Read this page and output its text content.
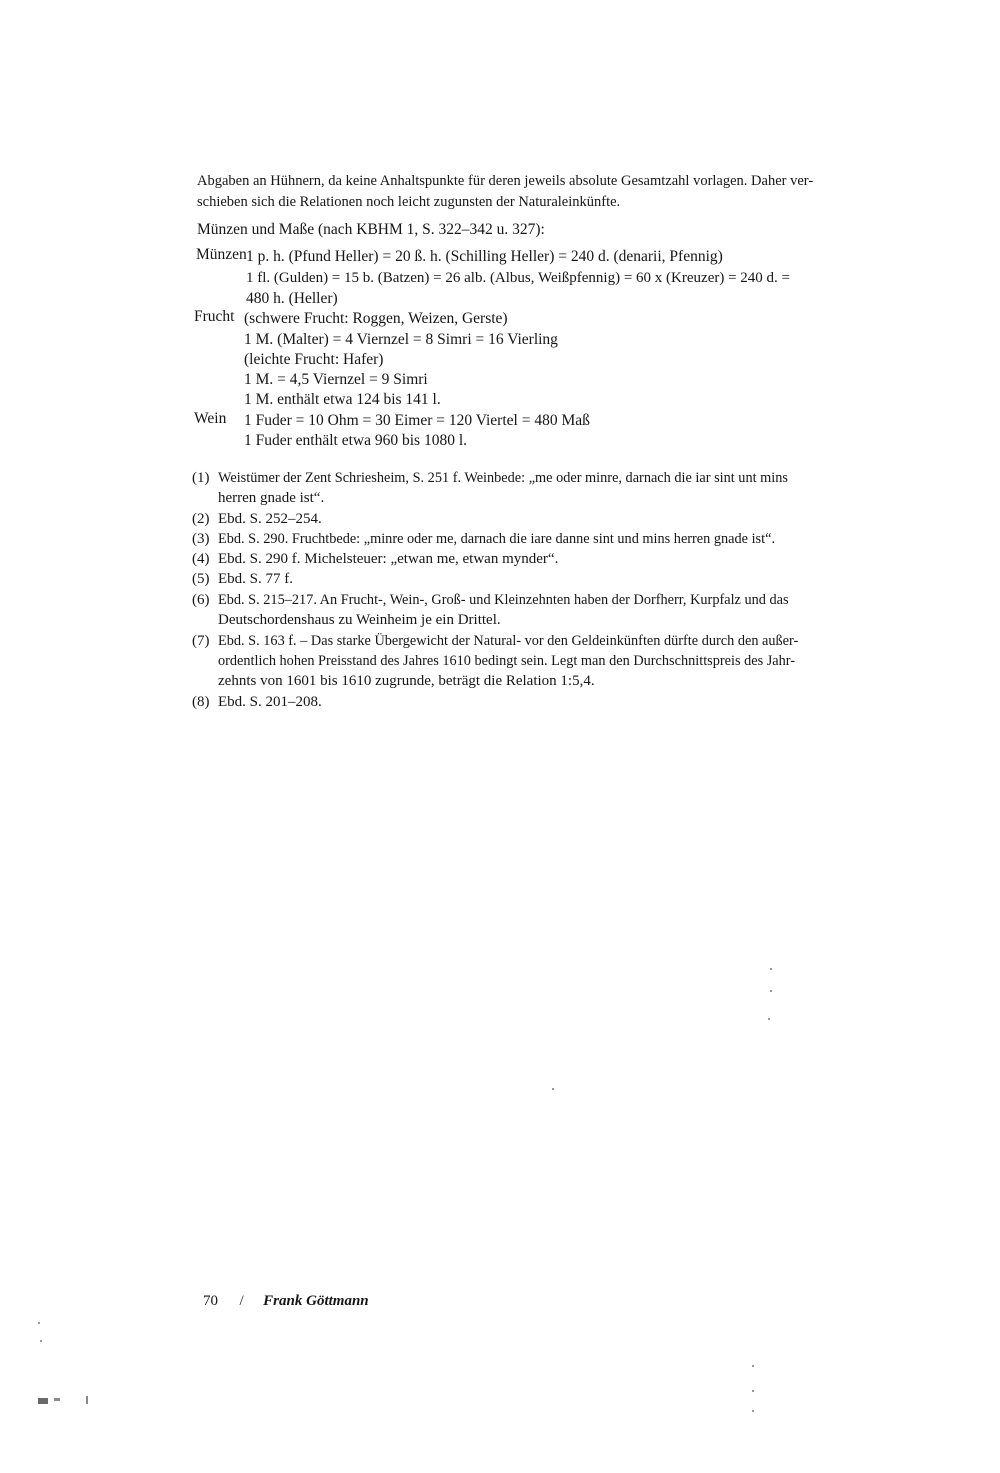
Abgaben an Hühnern, da keine Anhaltspunkte für deren jeweils absolute Gesamtzahl vorlagen. Daher ver-
schieben sich die Relationen noch leicht zugunsten der Naturaleinkünfte.
Münzen und Maße (nach KBHM 1, S. 322–342 u. 327):
Münzen 1 p. h. (Pfund Heller) = 20 ß. h. (Schilling Heller) = 240 d. (denarii, Pfennig)
1 fl. (Gulden) = 15 b. (Batzen) = 26 alb. (Albus, Weißpfennig) = 60 x (Kreuzer) = 240 d. =
480 h. (Heller)
Frucht (schwere Frucht: Roggen, Weizen, Gerste)
1 M. (Malter) = 4 Viernzel = 8 Simri = 16 Vierling
(leichte Frucht: Hafer)
1 M. = 4,5 Viernzel = 9 Simri
1 M. enthält etwa 124 bis 141 l.
Wein 1 Fuder = 10 Ohm = 30 Eimer = 120 Viertel = 480 Maß
1 Fuder enthält etwa 960 bis 1080 l.
(1) Weistümer der Zent Schriesheim, S. 251 f. Weinbede: „me oder minre, darnach die iar sint unt mins
herren gnade ist“.
(2) Ebd. S. 252–254.
(3) Ebd. S. 290. Fruchtbede: „minre oder me, darnach die iare danne sint und mins herren gnade ist“.
(4) Ebd. S. 290 f. Michelsteuer: „etwan me, etwan mynder“.
(5) Ebd. S. 77 f.
(6) Ebd. S. 215–217. An Frucht-, Wein-, Groß- und Kleinzehnten haben der Dorfherr, Kurpfalz und das
Deutschordenshaus zu Weinheim je ein Drittel.
(7) Ebd. S. 163 f. – Das starke Übergewicht der Natural- vor den Geldeinkünften dürfte durch den außer-
ordentlich hohen Preisstand des Jahres 1610 bedingt sein. Legt man den Durchschnittspreis des Jahr-
zehnts von 1601 bis 1610 zugrunde, beträgt die Relation 1:5,4.
(8) Ebd. S. 201–208.
70 / Frank Göttmann
